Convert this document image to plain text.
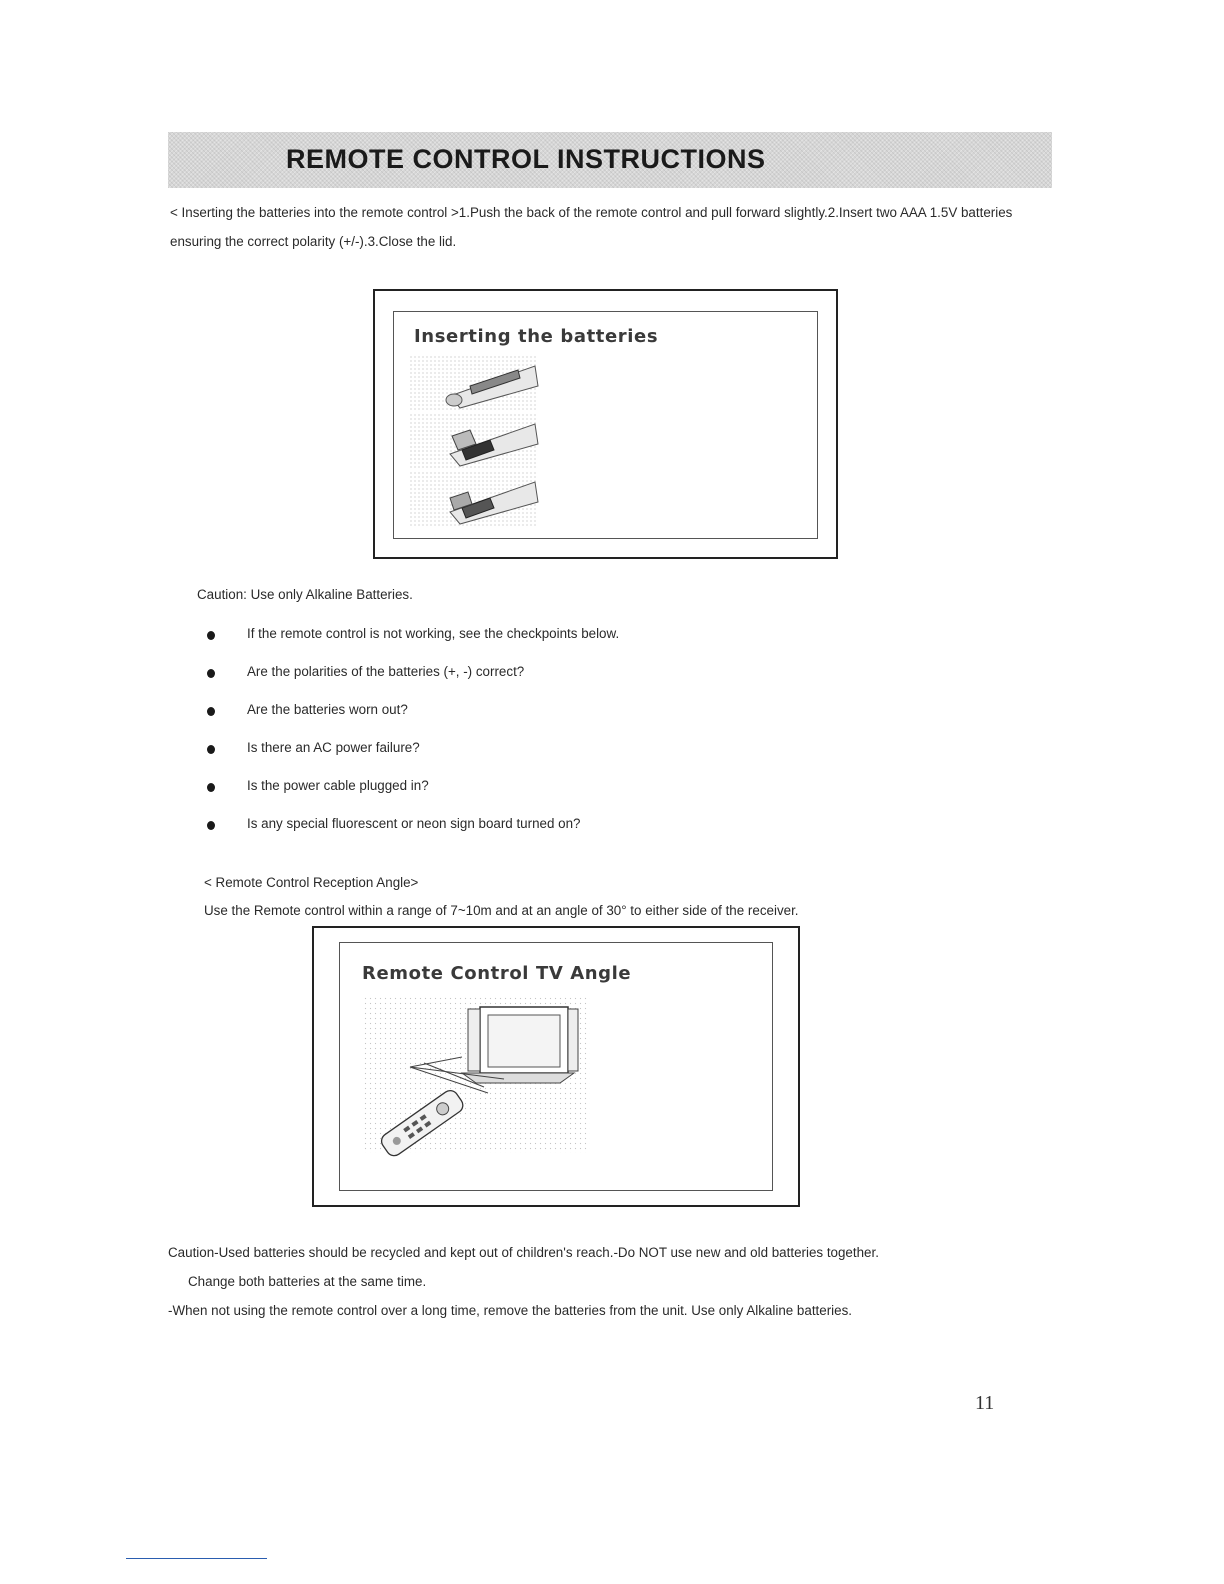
REMOTE CONTROL INSTRUCTIONS

< Inserting the batteries into the remote control >1.Push the back of the remote control and pull forward slightly.2.Insert two AAA 1.5V batteries ensuring the correct polarity (+/-).3.Close the lid.

Inserting the batteries

Caution: Use only Alkaline Batteries.

If the remote control is not working, see the checkpoints below.
Are the polarities of the batteries (+, -) correct?
Are the batteries worn out?
Is there an AC power failure?
Is the power cable plugged in?
Is any special fluorescent or neon sign board turned on?

< Remote Control Reception Angle>

Use the Remote control within a range of 7~10m and at an angle of 30° to either side of the receiver.

Remote Control TV Angle

Caution-Used batteries should be recycled and kept out of children's reach.-Do NOT use new and old batteries together.

Change both batteries at the same time.

-When not using the remote control over a long time, remove the batteries from the unit. Use only Alkaline batteries.

11
